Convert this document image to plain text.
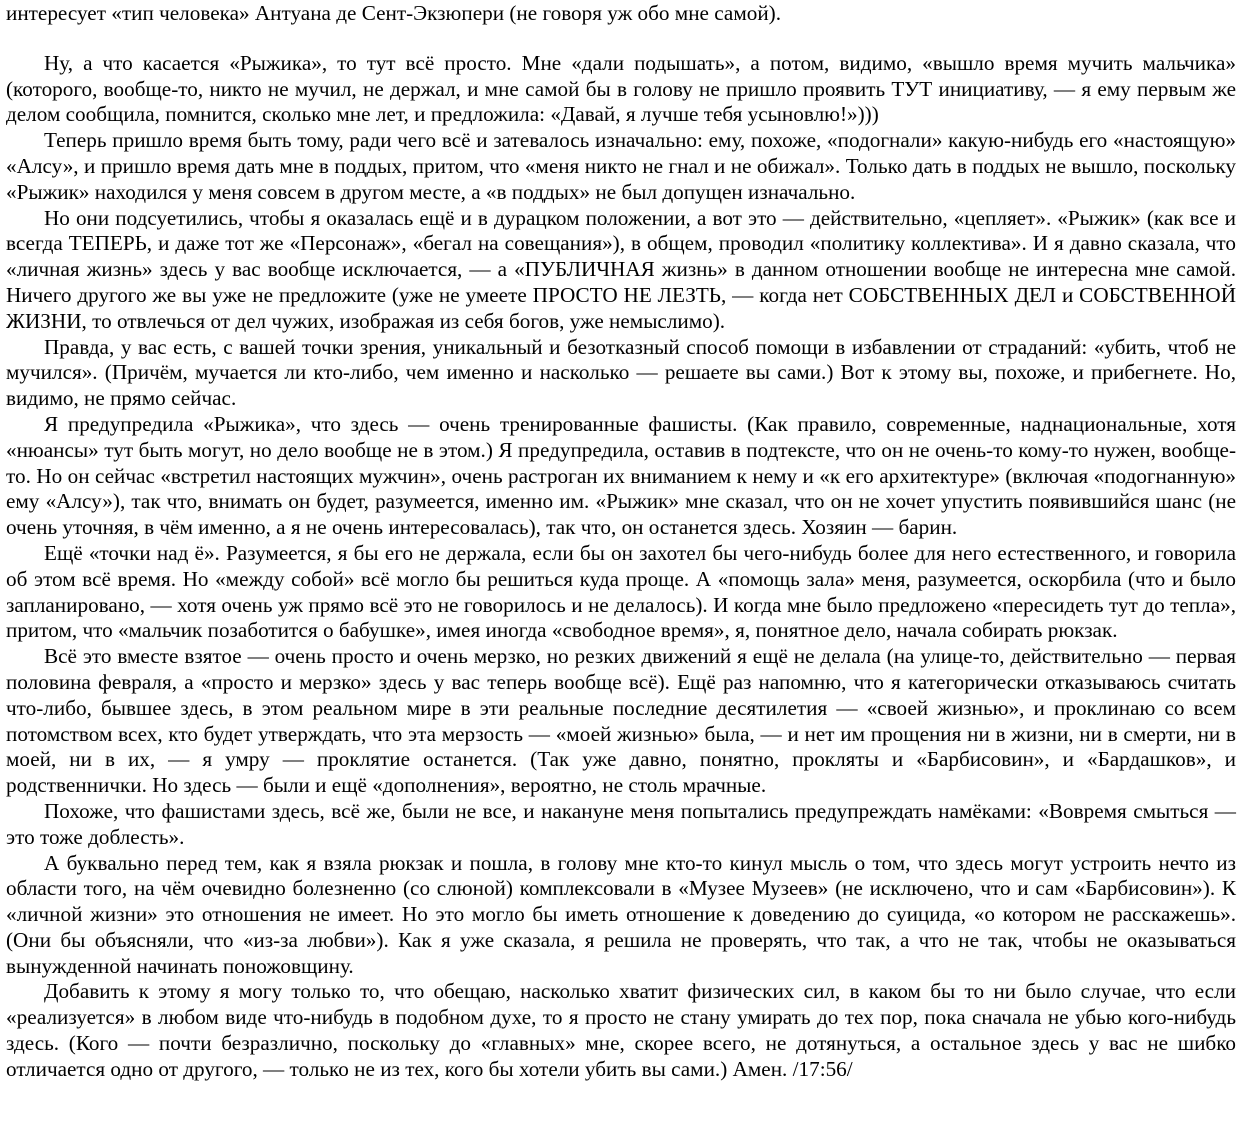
интересует «тип человека» Антуана де Сент-Экзюпери (не говоря уж обо мне самой).

Ну, а что касается «Рыжика», то тут всё просто. Мне «дали подышать», а потом, видимо, «вышло время мучить мальчика» (которого, вообще-то, никто не мучил, не держал, и мне самой бы в голову не пришло проявить ТУТ инициативу, — я ему первым же делом сообщила, помнится, сколько мне лет, и предложила: «Давай, я лучше тебя усыновлю!»)))

Теперь пришло время быть тому, ради чего всё и затевалось изначально: ему, похоже, «подогнали» какую-нибудь его «настоящую» «Алсу», и пришло время дать мне в поддых, притом, что «меня никто не гнал и не обижал». Только дать в поддых не вышло, поскольку «Рыжик» находился у меня совсем в другом месте, а «в поддых» не был допущен изначально.

Но они подсуетились, чтобы я оказалась ещё и в дурацком положении, а вот это — действительно, «цепляет». «Рыжик» (как все и всегда ТЕПЕРЬ, и даже тот же «Персонаж», «бегал на совещания»), в общем, проводил «политику коллектива». И я давно сказала, что «личная жизнь» здесь у вас вообще исключается, — а «ПУБЛИЧНАЯ жизнь» в данном отношении вообще не интересна мне самой. Ничего другого же вы уже не предложите (уже не умеете ПРОСТО НЕ ЛЕЗТЬ, — когда нет СОБСТВЕННЫХ ДЕЛ и СОБСТВЕННОЙ ЖИЗНИ, то отвлечься от дел чужих, изображая из себя богов, уже немыслимо).

Правда, у вас есть, с вашей точки зрения, уникальный и безотказный способ помощи в избавлении от страданий: «убить, чтоб не мучился». (Причём, мучается ли кто-либо, чем именно и насколько — решаете вы сами.) Вот к этому вы, похоже, и прибегнете. Но, видимо, не прямо сейчас.

Я предупредила «Рыжика», что здесь — очень тренированные фашисты. (Как правило, современные, наднациональные, хотя «нюансы» тут быть могут, но дело вообще не в этом.) Я предупредила, оставив в подтексте, что он не очень-то кому-то нужен, вообще-то. Но он сейчас «встретил настоящих мужчин», очень растроган их вниманием к нему и «к его архитектуре» (включая «подогнанную» ему «Алсу»), так что, внимать он будет, разумеется, именно им. «Рыжик» мне сказал, что он не хочет упустить появившийся шанс (не очень уточняя, в чём именно, а я не очень интересовалась), так что, он останется здесь. Хозяин — барин.

Ещё «точки над ё». Разумеется, я бы его не держала, если бы он захотел бы чего-нибудь более для него естественного, и говорила об этом всё время. Но «между собой» всё могло бы решиться куда проще. А «помощь зала» меня, разумеется, оскорбила (что и было запланировано, — хотя очень уж прямо всё это не говорилось и не делалось). И когда мне было предложено «пересидеть тут до тепла», притом, что «мальчик позаботится о бабушке», имея иногда «свободное время», я, понятное дело, начала собирать рюкзак.

Всё это вместе взятое — очень просто и очень мерзко, но резких движений я ещё не делала (на улице-то, действительно — первая половина февраля, а «просто и мерзко» здесь у вас теперь вообще всё). Ещё раз напомню, что я категорически отказываюсь считать что-либо, бывшее здесь, в этом реальном мире в эти реальные последние десятилетия — «своей жизнью», и проклинаю со всем потомством всех, кто будет утверждать, что эта мерзость — «моей жизнью» была, — и нет им прощения ни в жизни, ни в смерти, ни в моей, ни в их, — я умру — проклятие останется. (Так уже давно, понятно, прокляты и «Барбисовин», и «Бардашков», и родственнички. Но здесь — были и ещё «дополнения», вероятно, не столь мрачные.

Похоже, что фашистами здесь, всё же, были не все, и накануне меня попытались предупреждать намёками: «Вовремя смыться — это тоже доблесть».

А буквально перед тем, как я взяла рюкзак и пошла, в голову мне кто-то кинул мысль о том, что здесь могут устроить нечто из области того, на чём очевидно болезненно (со слюной) комплексовали в «Музее Музеев» (не исключено, что и сам «Барбисовин»). К «личной жизни» это отношения не имеет. Но это могло бы иметь отношение к доведению до суицида, «о котором не расскажешь». (Они бы объясняли, что «из-за любви»). Как я уже сказала, я решила не проверять, что так, а что не так, чтобы не оказываться вынужденной начинать поножовщину.

Добавить к этому я могу только то, что обещаю, насколько хватит физических сил, в каком бы то ни было случае, что если «реализуется» в любом виде что-нибудь в подобном духе, то я просто не стану умирать до тех пор, пока сначала не убью кого-нибудь здесь. (Кого — почти безразлично, поскольку до «главных» мне, скорее всего, не дотянуться, а остальное здесь у вас не шибко отличается одно от другого, — только не из тех, кого бы хотели убить вы сами.) Амен. /17:56/
